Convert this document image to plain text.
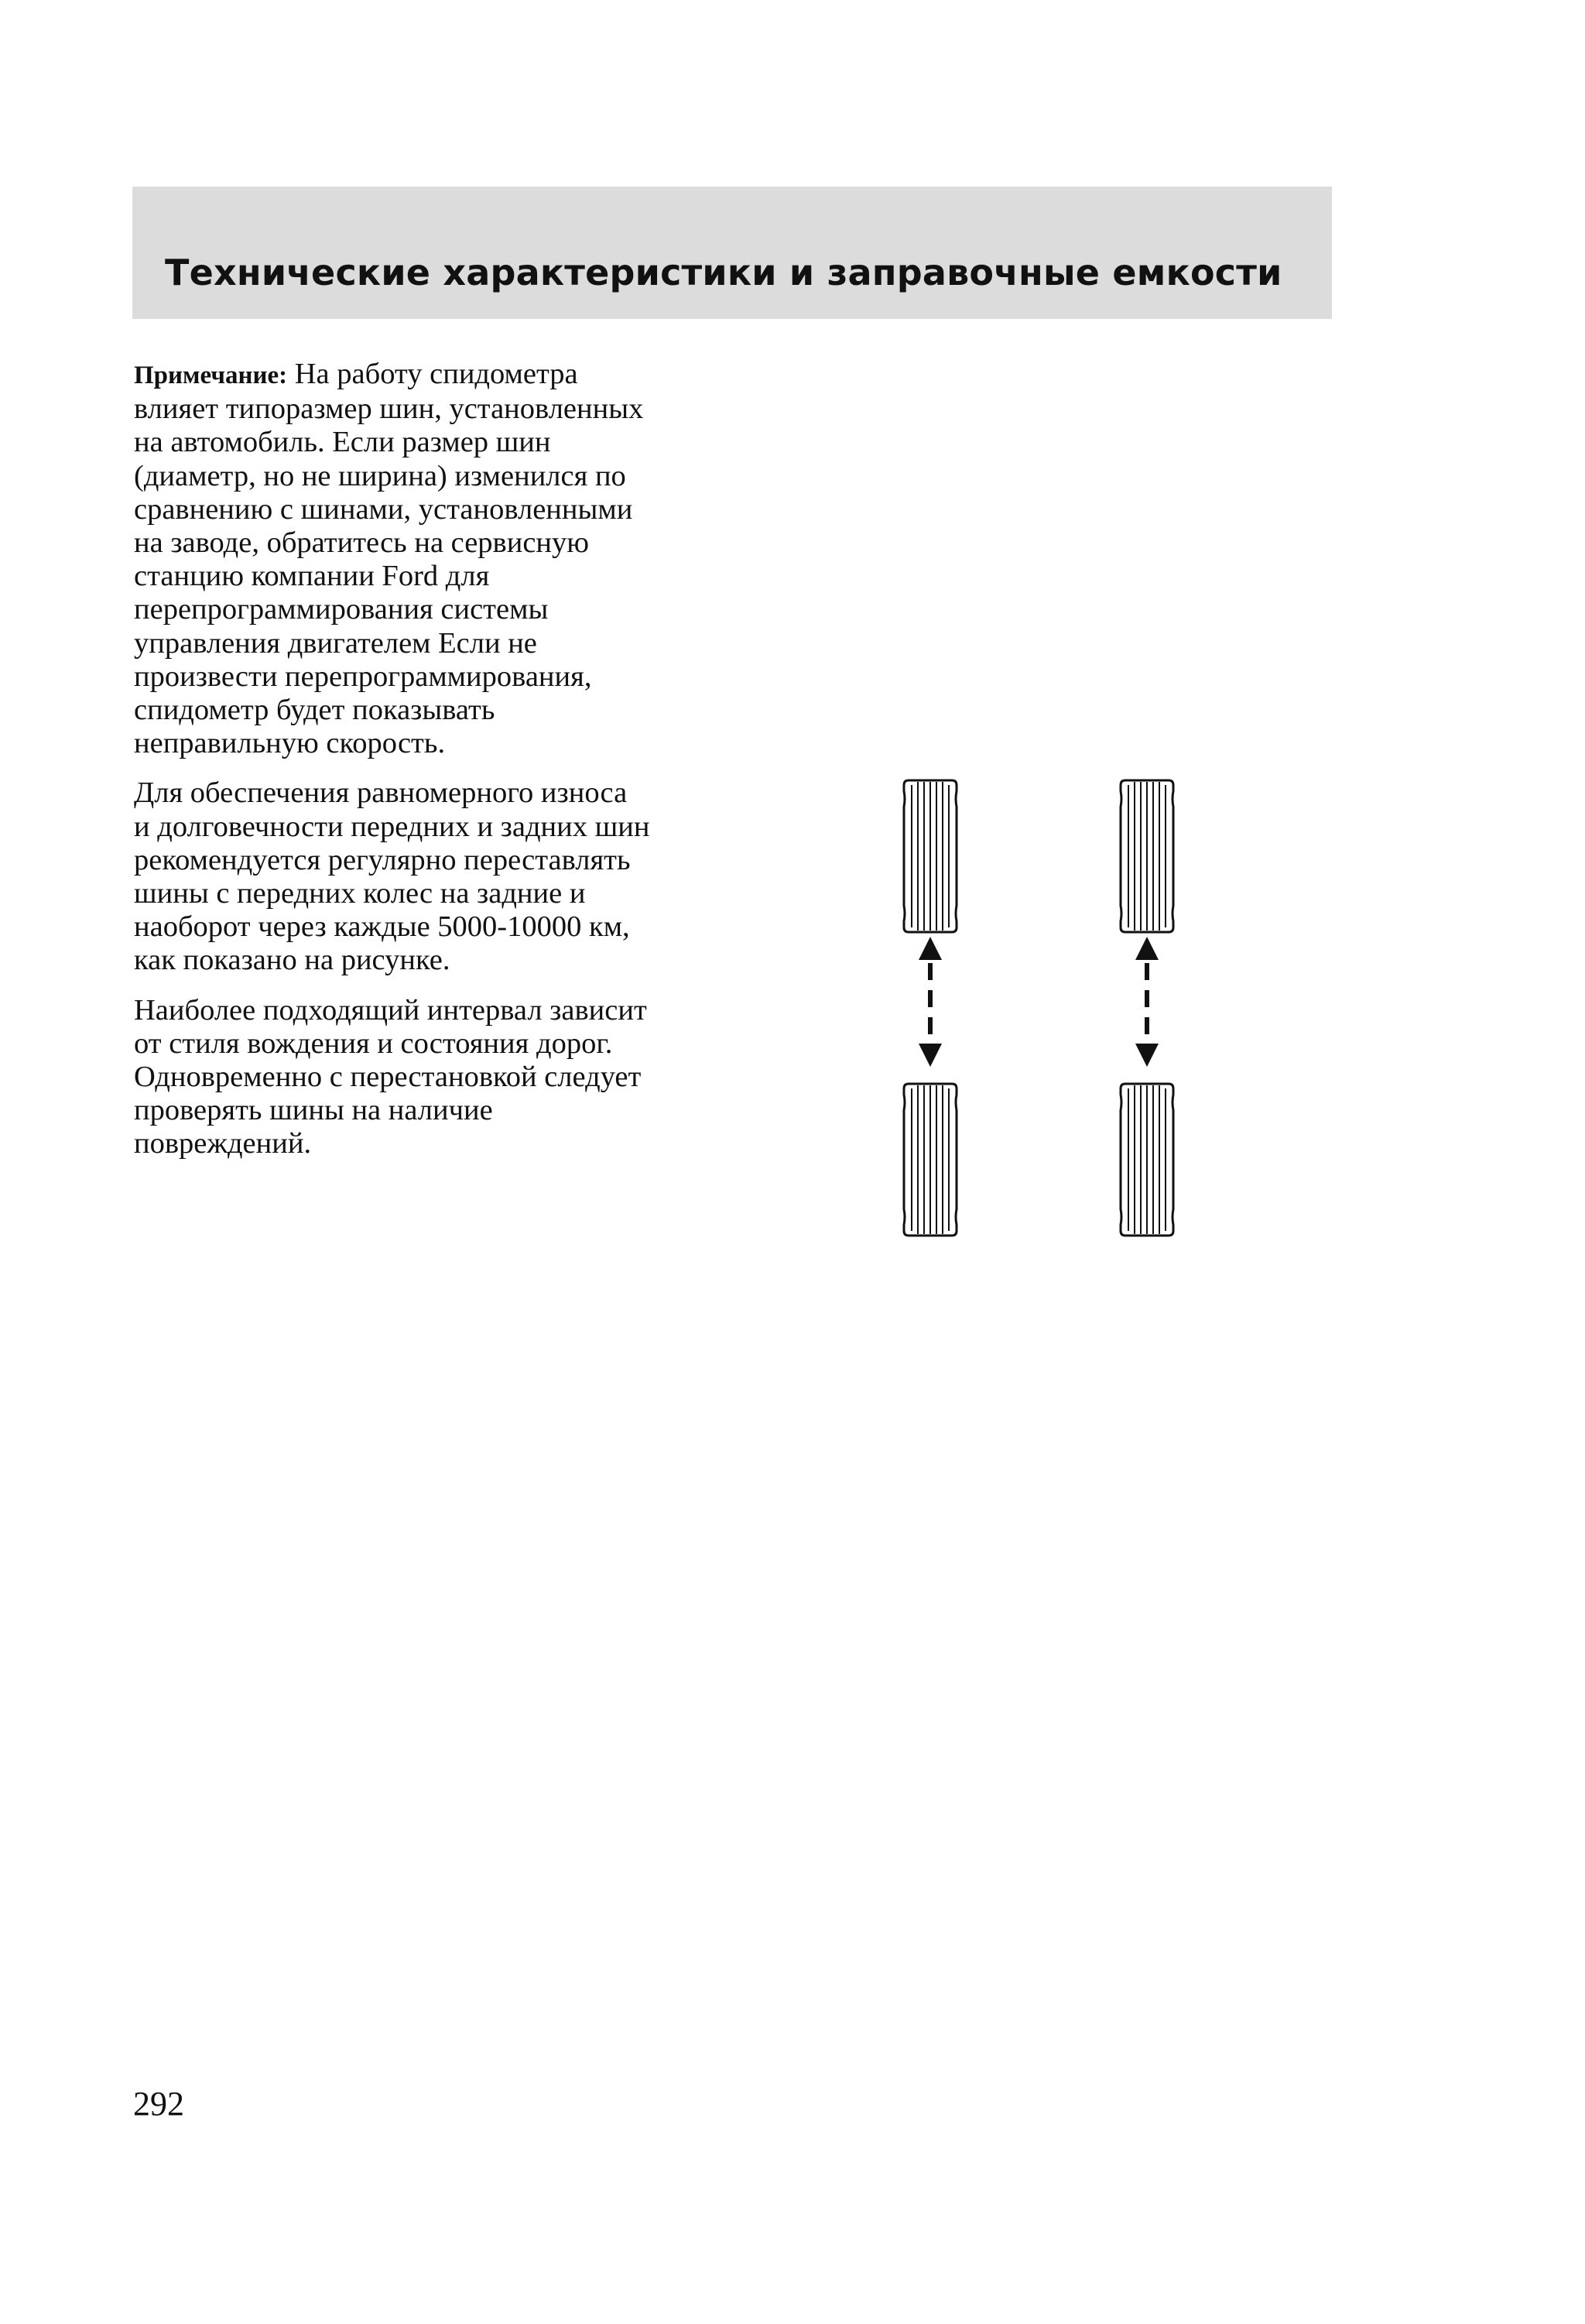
Технические характеристики и заправочные емкости
Примечание: На работу спидометра
влияет типоразмер шин, установленных
на автомобиль. Если размер шин
(диаметр, но не ширина) изменился по
сравнению с шинами, установленными
на заводе, обратитесь на сервисную
станцию компании Ford для
перепрограммирования системы
управления двигателем Если не
произвести перепрограммирования,
спидометр будет показывать
неправильную скорость.
Для обеспечения равномерного износа
и долговечности передних и задних шин
рекомендуется регулярно переставлять
шины с передних колес на задние и
наоборот через каждые 5000-10000 км,
как показано на рисунке.
Наиболее подходящий интервал зависит
от стиля вождения и состояния дорог.
Одновременно с перестановкой следует
проверять шины на наличие
повреждений.
292
